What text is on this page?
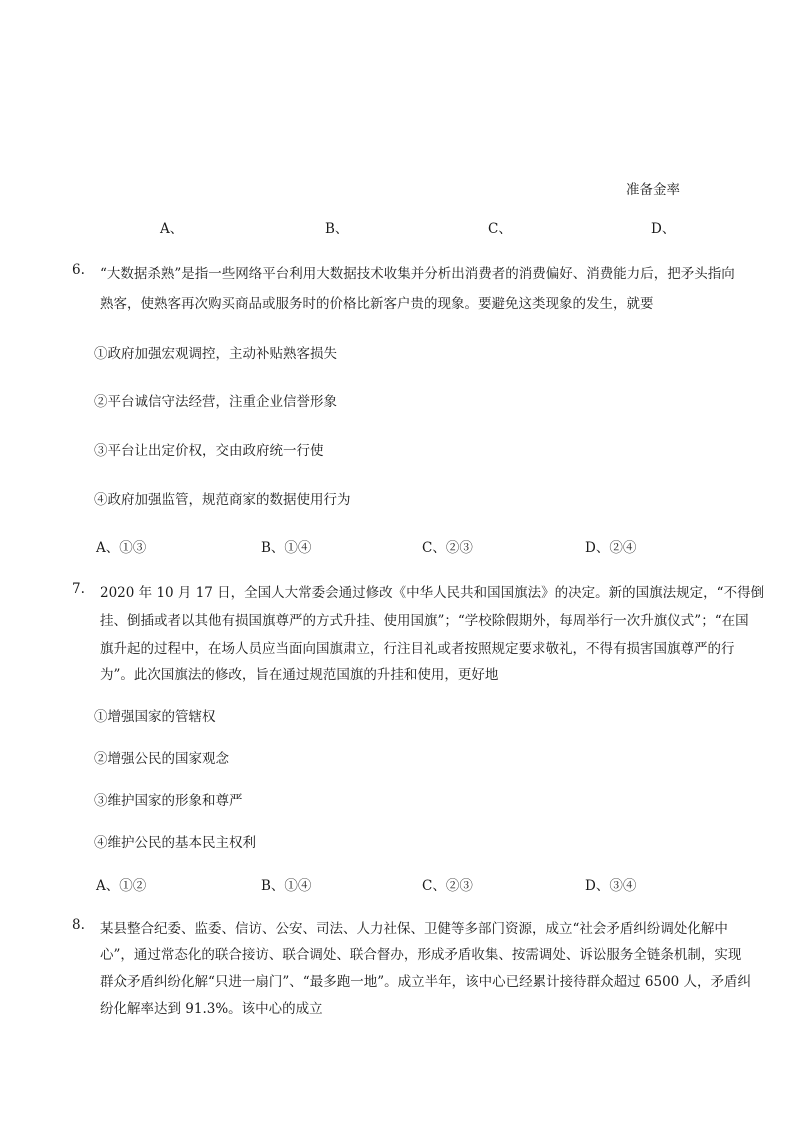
准备金率
A、	B、	C、	D、
6. “大数据杀熟”是指一些网络平台利用大数据技术收集并分析出消费者的消费偏好、消费能力后，把矛头指向
熟客，使熟客再次购买商品或服务时的价格比新客户贵的现象。要避免这类现象的发生，就要
①政府加强宏观调控，主动补贴熟客损失
②平台诚信守法经营，注重企业信誉形象
③平台让出定价权，交由政府统一行使
④政府加强监管，规范商家的数据使用行为
A、①③	B、①④	C、②③	D、②④
7. 2020 年 10 月 17 日，全国人大常委会通过修改《中华人民共和国国旗法》的决定。新的国旗法规定，“不得倒
挂、倒插或者以其他有损国旗尊严的方式升挂、使用国旗”；“学校除假期外，每周举行一次升旗仪式”；“在国
旗升起的过程中，在场人员应当面向国旗肃立，行注目礼或者按照规定要求敬礼，不得有损害国旗尊严的行
为”。此次国旗法的修改，旨在通过规范国旗的升挂和使用，更好地
①增强国家的管辖权
②增强公民的国家观念
③维护国家的形象和尊严
④维护公民的基本民主权利
A、①②	B、①④	C、②③	D、③④
8. 某县整合纪委、监委、信访、公安、司法、人力社保、卫健等多部门资源，成立“社会矛盾纠纷调处化解中
心”，通过常态化的联合接访、联合调处、联合督办，形成矛盾收集、按需调处、诉讼服务全链条机制，实现
群众矛盾纠纷化解“只进一扇门”、“最多跑一地”。成立半年，该中心已经累计接待群众超过 6500 人，矛盾纠
纷化解率达到 91.3%。该中心的成立
